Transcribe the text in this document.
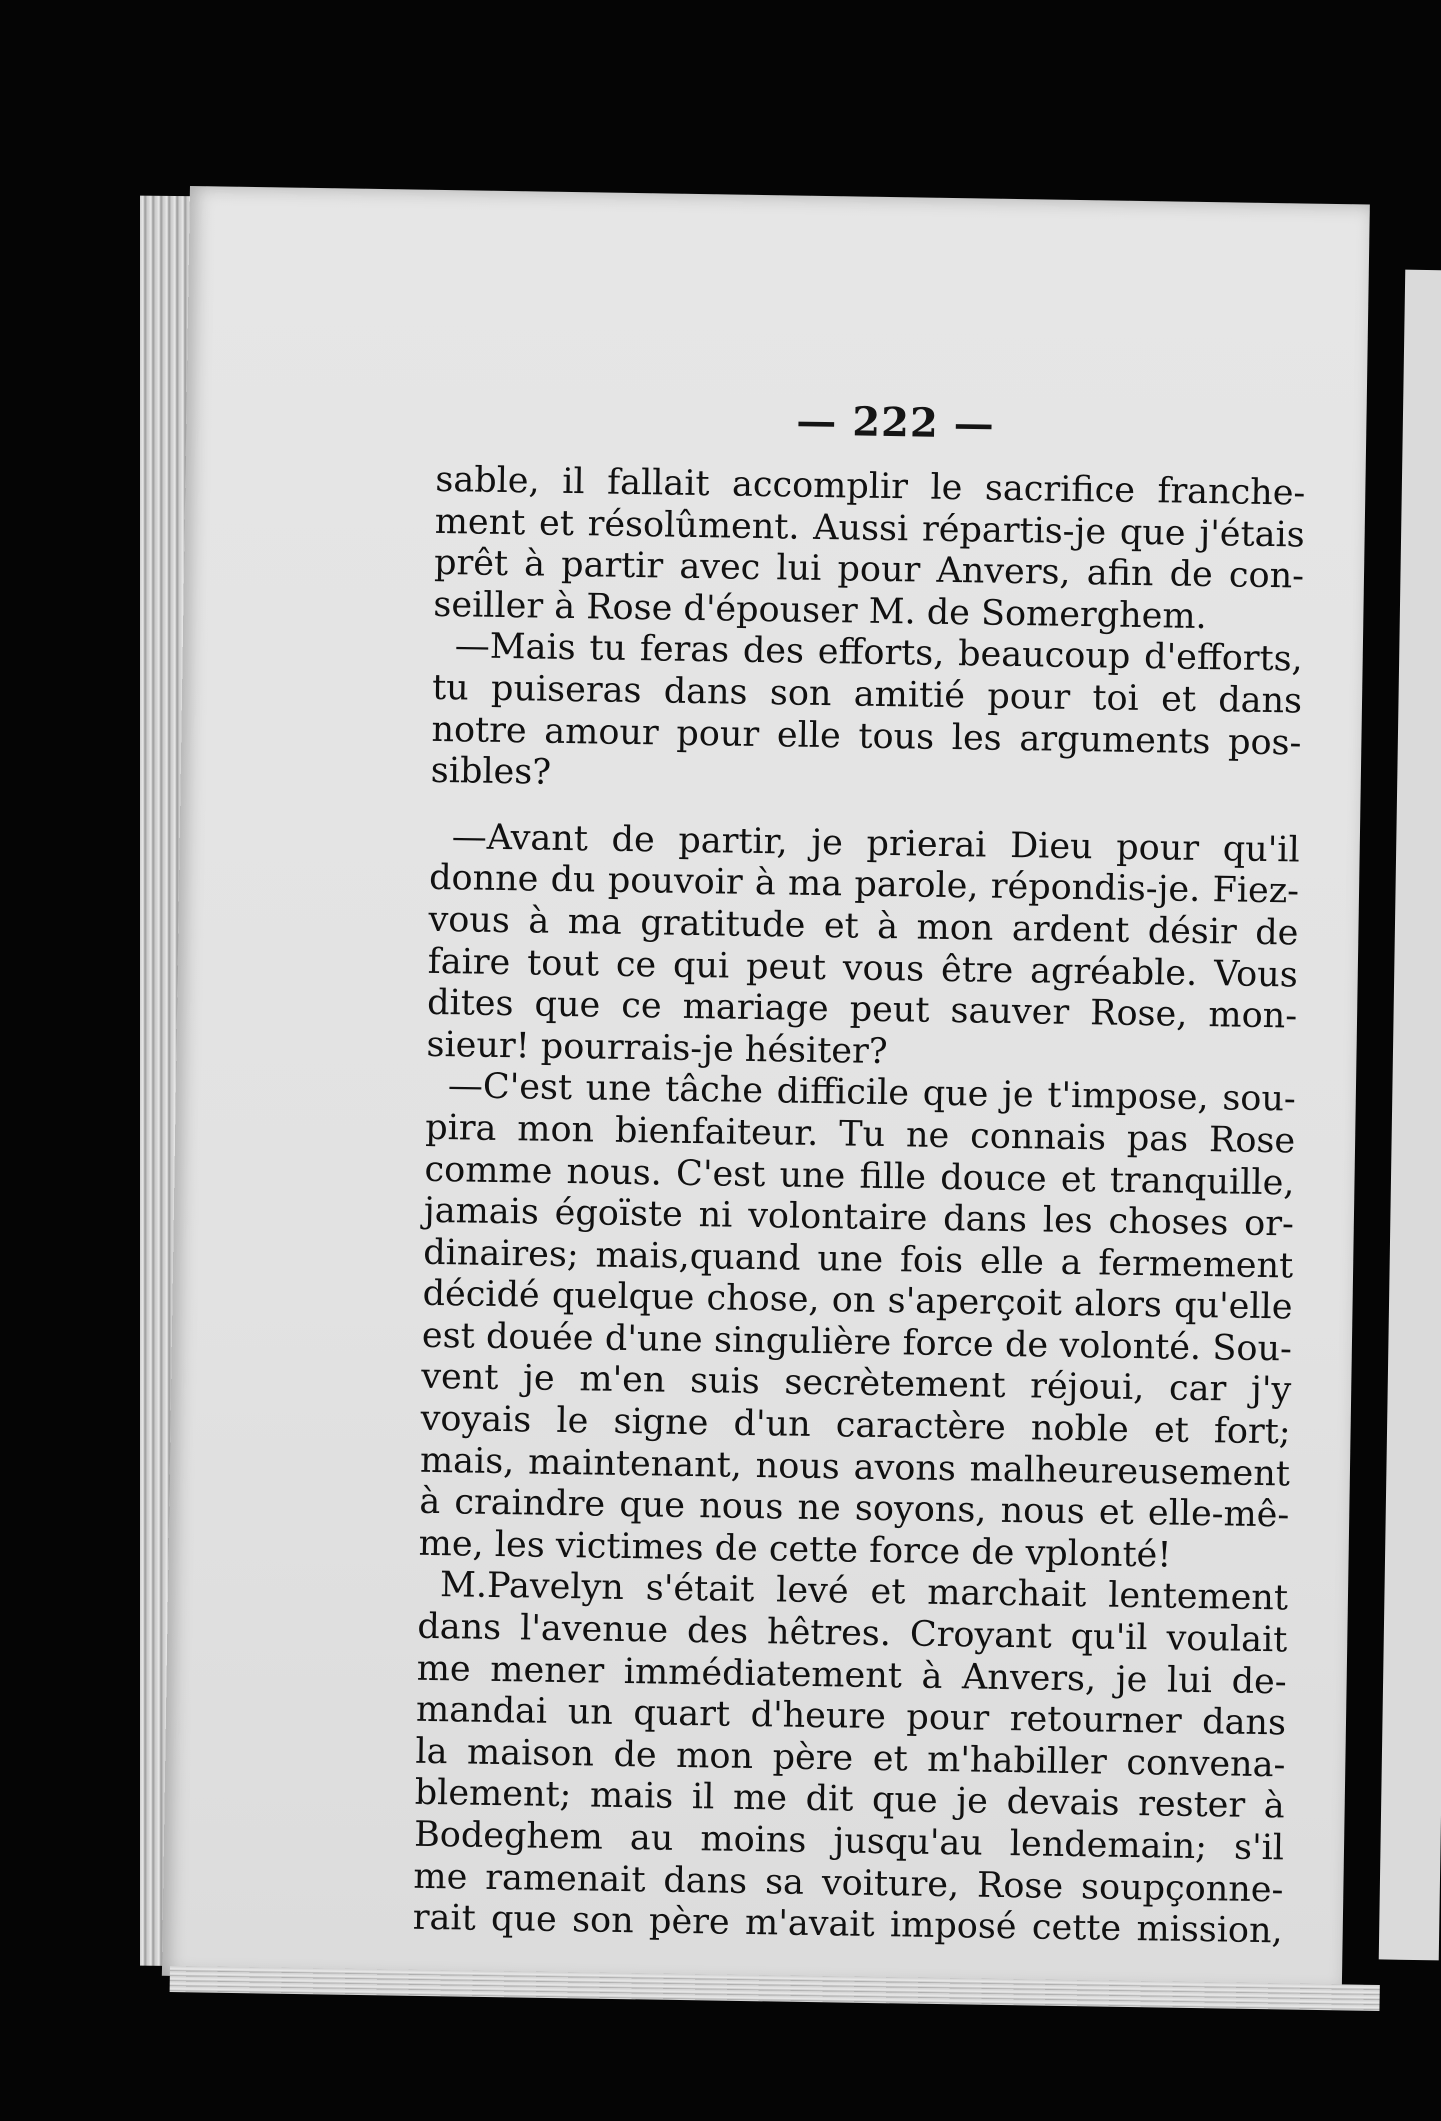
— 222 —
sable, il fallait accomplir le sacrifice franche-
ment et résolûment. Aussi répartis-je que j'étais
prêt à partir avec lui pour Anvers, afin de con-
seiller à Rose d'épouser M. de Somerghem.
—Mais tu feras des efforts, beaucoup d'efforts,
tu puiseras dans son amitié pour toi et dans
notre amour pour elle tous les arguments pos-
sibles?
—Avant de partir, je prierai Dieu pour qu'il
donne du pouvoir à ma parole, répondis-je. Fiez-
vous à ma gratitude et à mon ardent désir de
faire tout ce qui peut vous être agréable. Vous
dites que ce mariage peut sauver Rose, mon-
sieur! pourrais-je hésiter?
—C'est une tâche difficile que je t'impose, sou-
pira mon bienfaiteur. Tu ne connais pas Rose
comme nous. C'est une fille douce et tranquille,
jamais égoïste ni volontaire dans les choses or-
dinaires; mais,quand une fois elle a fermement
décidé quelque chose, on s'aperçoit alors qu'elle
est douée d'une singulière force de volonté. Sou-
vent je m'en suis secrètement réjoui, car j'y
voyais le signe d'un caractère noble et fort;
mais, maintenant, nous avons malheureusement
à craindre que nous ne soyons, nous et elle-mê-
me, les victimes de cette force de vplonté!
M.Pavelyn s'était levé et marchait lentement
dans l'avenue des hêtres. Croyant qu'il voulait
me mener immédiatement à Anvers, je lui de-
mandai un quart d'heure pour retourner dans
la maison de mon père et m'habiller convena-
blement; mais il me dit que je devais rester à
Bodeghem au moins jusqu'au lendemain; s'il
me ramenait dans sa voiture, Rose soupçonne-
rait que son père m'avait imposé cette mission,
